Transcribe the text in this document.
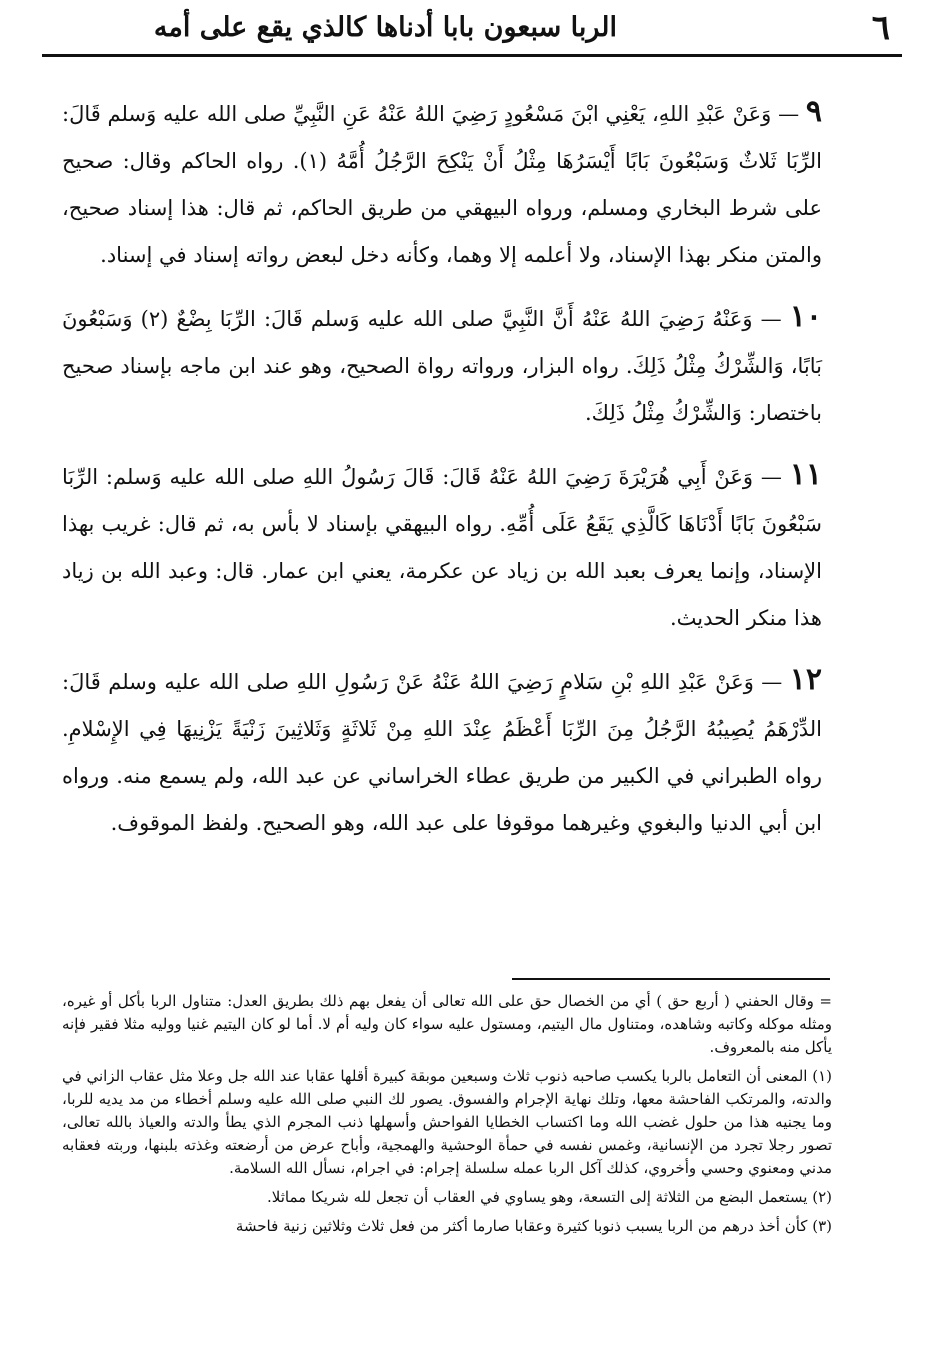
٦
الربا سبعون بابا أدناها كالذي يقع على أمه

٩ — وَعَنْ عَبْدِ اللهِ، يَعْنِي ابْنَ مَسْعُودٍ رَضِيَ اللهُ عَنْهُ عَنِ النَّبِيِّ صلى الله عليه وَسلم قَالَ: الرِّبَا ثَلاثٌ وَسَبْعُونَ بَابًا أَيْسَرُهَا مِثْلُ أَنْ يَنْكِحَ الرَّجُلُ أُمَّهُ (١). رواه الحاكم وقال: صحيح على شرط البخاري ومسلم، ورواه البيهقي من طريق الحاكم، ثم قال: هذا إسناد صحيح، والمتن منكر بهذا الإسناد، ولا أعلمه إلا وهما، وكأنه دخل لبعض رواته إسناد في إسناد.

١٠ — وَعَنْهُ رَضِيَ اللهُ عَنْهُ أَنَّ النَّبِيَّ صلى الله عليه وَسلم قَالَ: الرِّبَا بِضْعٌ (٢) وَسَبْعُونَ بَابًا، وَالشِّرْكُ مِثْلُ ذَلِكَ. رواه البزار، ورواته رواة الصحيح، وهو عند ابن ماجه بإسناد صحيح باختصار: وَالشِّرْكُ مِثْلُ ذَلِكَ.

١١ — وَعَنْ أَبِي هُرَيْرَةَ رَضِيَ اللهُ عَنْهُ قَالَ: قَالَ رَسُولُ اللهِ صلى الله عليه وَسلم: الرِّبَا سَبْعُونَ بَابًا أَدْنَاهَا كَالَّذِي يَقَعُ عَلَى أُمِّهِ. رواه البيهقي بإسناد لا بأس به، ثم قال: غريب بهذا الإسناد، وإنما يعرف بعبد الله بن زياد عن عكرمة، يعني ابن عمار. قال: وعبد الله بن زياد هذا منكر الحديث.

١٢ — وَعَنْ عَبْدِ اللهِ بْنِ سَلامٍ رَضِيَ اللهُ عَنْهُ عَنْ رَسُولِ اللهِ صلى الله عليه وسلم قَالَ: الدِّرْهَمُ يُصِيبُهُ الرَّجُلُ مِنَ الرِّبَا أَعْظَمُ عِنْدَ اللهِ مِنْ ثَلاثَةٍ وَثَلاثِينَ زَنْيَةً يَزْنِيهَا فِي الإِسْلامِ. رواه الطبراني في الكبير من طريق عطاء الخراساني عن عبد الله، ولم يسمع منه. ورواه ابن أبي الدنيا والبغوي وغيرهما موقوفا على عبد الله، وهو الصحيح. ولفظ الموقوف.

= وقال الحفني ( أربع حق ) أي من الخصال حق على الله تعالى أن يفعل بهم ذلك بطريق العدل: متناول الربا بأكل أو غيره، ومثله موكله وكاتبه وشاهده، ومتناول مال اليتيم، ومستول عليه سواء كان وليه أم لا. أما لو كان اليتيم غنيا ووليه مثلا فقير فإنه يأكل منه بالمعروف.

(١) المعنى أن التعامل بالربا يكسب صاحبه ذنوب ثلاث وسبعين موبقة كبيرة أقلها عقابا عند الله جل وعلا مثل عقاب الزاني في والدته، والمرتكب الفاحشة معها، وتلك نهاية الإجرام والفسوق. يصور لك النبي صلى الله عليه وسلم أخطاء من مد يديه للربا، وما يجنيه هذا من حلول غضب الله وما اكتساب الخطايا الفواحش وأسهلها ذنب المجرم الذي يطأ والدته والعياذ بالله تعالى، تصور رجلا تجرد من الإنسانية، وغمس نفسه في حمأة الوحشية والهمجية، وأباح عرض من أرضعته وغذته بلبنها، وربته فعقابه مدني ومعنوي وحسي وأخروي، كذلك آكل الربا عمله سلسلة إجرام: في اجرام، نسأل الله السلامة.

(٢) يستعمل البضع من الثلاثة إلى التسعة، وهو يساوي في العقاب أن تجعل لله شريكا مماثلا.

(٣) كأن أخذ درهم من الربا يسبب ذنوبا كثيرة وعقابا صارما أكثر من فعل ثلاث وثلاثين زنية فاحشة
